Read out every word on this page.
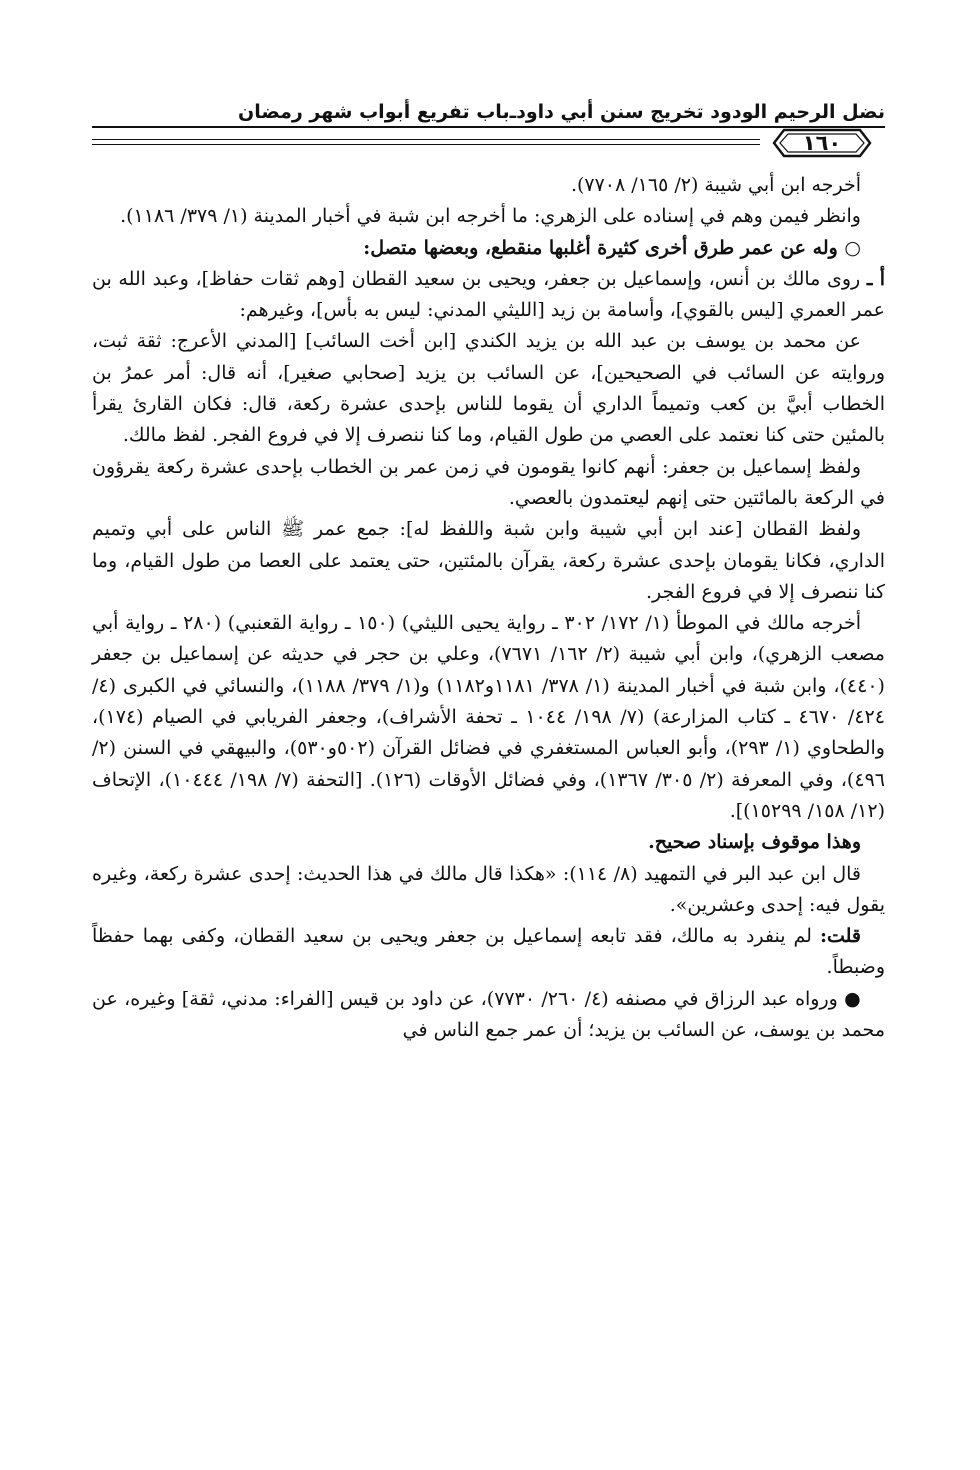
نضل الرحيم الودود تخريج سنن أبي داود
ـ
باب تفريع أبواب شهر رمضان
١٦٠

أخرجه ابن أبي شيبة (٢/ ١٦٥/ ٧٧٠٨).

وانظر فيمن وهم في إسناده على الزهري: ما أخرجه ابن شبة في أخبار المدينة (١/ ٣٧٩/ ١١٨٦).

○ وله عن عمر طرق أخرى كثيرة أغلبها منقطع، وبعضها متصل:

أ ـ روى مالك بن أنس، وإسماعيل بن جعفر، ويحيى بن سعيد القطان [وهم ثقات حفاظ]، وعبد الله بن عمر العمري [ليس بالقوي]، وأسامة بن زيد [الليثي المدني: ليس به بأس]، وغيرهم:

عن محمد بن يوسف بن عبد الله بن يزيد الكندي [ابن أخت السائب] [المدني الأعرج: ثقة ثبت، وروايته عن السائب في الصحيحين]، عن السائب بن يزيد [صحابي صغير]، أنه قال: أمر عمرُ بن الخطاب أبيَّ بن كعب وتميماً الداري أن يقوما للناس بإحدى عشرة ركعة، قال: فكان القارئ يقرأ بالمئين حتى كنا نعتمد على العصي من طول القيام، وما كنا ننصرف إلا في فروع الفجر. لفظ مالك.

ولفظ إسماعيل بن جعفر: أنهم كانوا يقومون في زمن عمر بن الخطاب بإحدى عشرة ركعة يقرؤون في الركعة بالمائتين حتى إنهم ليعتمدون بالعصي.

ولفظ القطان [عند ابن أبي شيبة وابن شبة واللفظ له]: جمع عمر ﷺ الناس على أبي وتميم الداري، فكانا يقومان بإحدى عشرة ركعة، يقرآن بالمئتين، حتى يعتمد على العصا من طول القيام، وما كنا ننصرف إلا في فروع الفجر.

أخرجه مالك في الموطأ (١/ ١٧٢/ ٣٠٢ ـ رواية يحيى الليثي) (١٥٠ ـ رواية القعنبي) (٢٨٠ ـ رواية أبي مصعب الزهري)، وابن أبي شيبة (٢/ ١٦٢/ ٧٦٧١)، وعلي بن حجر في حديثه عن إسماعيل بن جعفر (٤٤٠)، وابن شبة في أخبار المدينة (١/ ٣٧٨/ ١١٨١و١١٨٢) و(١/ ٣٧٩/ ١١٨٨)، والنسائي في الكبرى (٤/ ٤٢٤/ ٤٦٧٠ ـ كتاب المزارعة) (٧/ ١٩٨/ ١٠٤٤ ـ تحفة الأشراف)، وجعفر الفريابي في الصيام (١٧٤)، والطحاوي (١/ ٢٩٣)، وأبو العباس المستغفري في فضائل القرآن (٥٠٢و٥٣٠)، والبيهقي في السنن (٢/ ٤٩٦)، وفي المعرفة (٢/ ٣٠٥/ ١٣٦٧)، وفي فضائل الأوقات (١٢٦). [التحفة (٧/ ١٩٨/ ١٠٤٤٤)، الإتحاف (١٢/ ١٥٨/ ١٥٢٩٩)].

وهذا موقوف بإسناد صحيح.

قال ابن عبد البر في التمهيد (٨/ ١١٤): «هكذا قال مالك في هذا الحديث: إحدى عشرة ركعة، وغيره يقول فيه: إحدى وعشرين».

قلت: لم ينفرد به مالك، فقد تابعه إسماعيل بن جعفر ويحيى بن سعيد القطان، وكفى بهما حفظاً وضبطاً.

● ورواه عبد الرزاق في مصنفه (٤/ ٢٦٠/ ٧٧٣٠)، عن داود بن قيس [الفراء: مدني، ثقة] وغيره، عن محمد بن يوسف، عن السائب بن يزيد؛ أن عمر جمع الناس في
